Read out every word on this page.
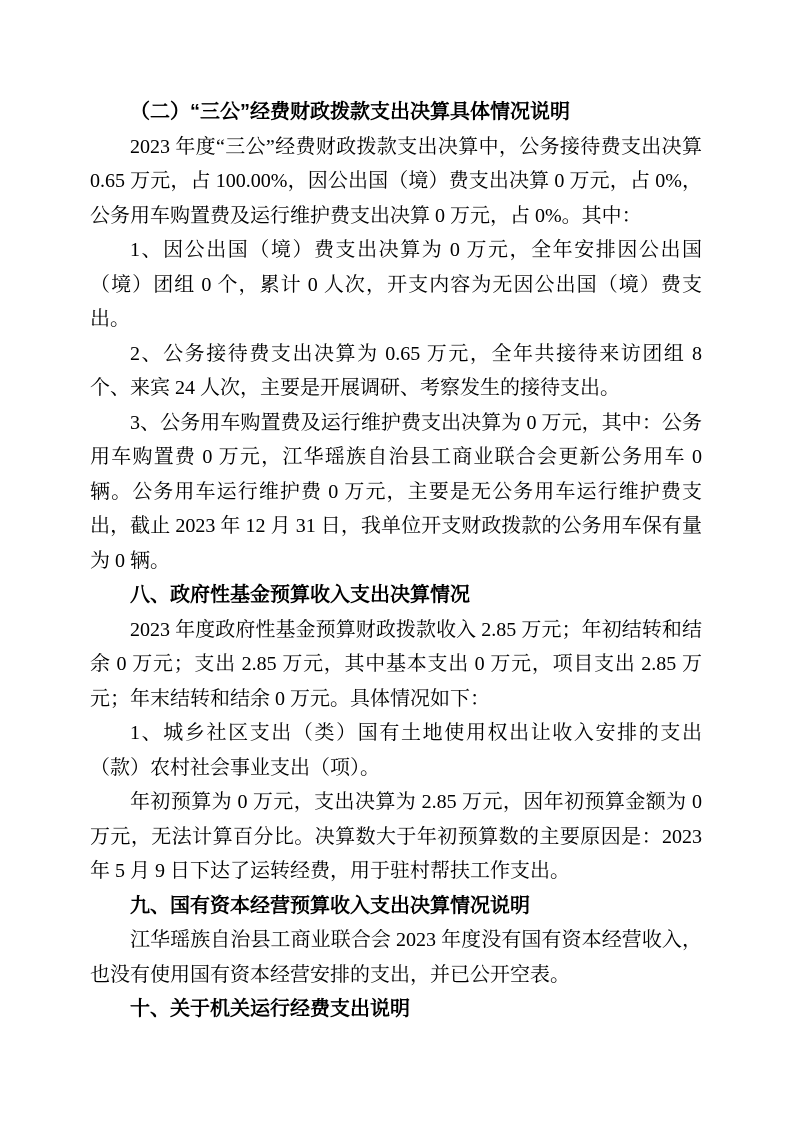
（二）“三公”经费财政拨款支出决算具体情况说明

2023 年度“三公”经费财政拨款支出决算中，公务接待费支出决算 0.65 万元，占 100.00%，因公出国（境）费支出决算 0 万元，占 0%，公务用车购置费及运行维护费支出决算 0 万元，占 0%。其中：

1、因公出国（境）费支出决算为 0 万元，全年安排因公出国（境）团组 0 个，累计 0 人次，开支内容为无因公出国（境）费支出。

2、公务接待费支出决算为 0.65 万元，全年共接待来访团组 8 个、来宾 24 人次，主要是开展调研、考察发生的接待支出。

3、公务用车购置费及运行维护费支出决算为 0 万元，其中：公务用车购置费 0 万元，江华瑶族自治县工商业联合会更新公务用车 0 辆。公务用车运行维护费 0 万元，主要是无公务用车运行维护费支出，截止 2023 年 12 月 31 日，我单位开支财政拨款的公务用车保有量为 0 辆。

八、政府性基金预算收入支出决算情况

2023 年度政府性基金预算财政拨款收入 2.85 万元；年初结转和结余 0 万元；支出 2.85 万元，其中基本支出 0 万元，项目支出 2.85 万元；年末结转和结余 0 万元。具体情况如下：

1、城乡社区支出（类）国有土地使用权出让收入安排的支出（款）农村社会事业支出（项）。

年初预算为 0 万元，支出决算为 2.85 万元，因年初预算金额为 0 万元，无法计算百分比。决算数大于年初预算数的主要原因是：2023 年 5 月 9 日下达了运转经费，用于驻村帮扶工作支出。

九、国有资本经营预算收入支出决算情况说明

江华瑶族自治县工商业联合会 2023 年度没有国有资本经营收入，也没有使用国有资本经营安排的支出，并已公开空表。

十、关于机关运行经费支出说明
